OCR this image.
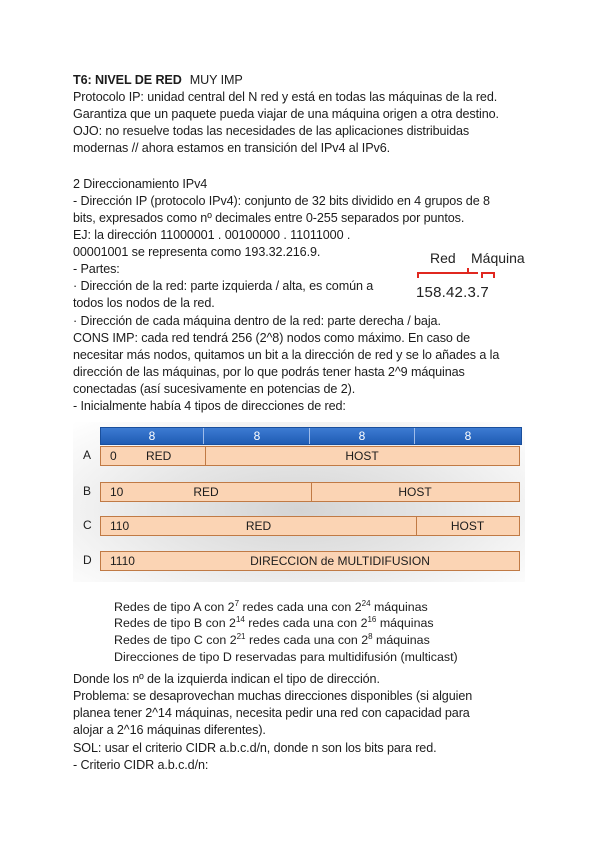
T6: NIVEL DE RED MUY IMP
Protocolo IP: unidad central del N red y está en todas las máquinas de la red.
Garantiza que un paquete pueda viajar de una máquina origen a otra destino.
OJO: no resuelve todas las necesidades de las aplicaciones distribuidas
modernas // ahora estamos en transición del IPv4 al IPv6.
2 Direccionamiento IPv4
- Dirección IP (protocolo IPv4): conjunto de 32 bits dividido en 4 grupos de 8
bits, expresados como nº decimales entre 0-255 separados por puntos.
EJ: la dirección 11000001 . 00100000 . 11011000 .
00001001 se representa como 193.32.216.9.
- Partes:
· Dirección de la red: parte izquierda / alta, es común a
todos los nodos de la red.
· Dirección de cada máquina dentro de la red: parte derecha / baja.
CONS IMP: cada red tendrá 256 (2^8) nodos como máximo. En caso de
necesitar más nodos, quitamos un bit a la dirección de red y se lo añades a la
dirección de las máquinas, por lo que podrás tener hasta 2^9 máquinas
conectadas (así sucesivamente en potencias de 2).
- Inicialmente había 4 tipos de direcciones de red:
Red Máquina
158.42.3.7
8	8	8	8
A 0 RED	HOST
B 10	RED	HOST
C 110	RED	HOST
D 1110	DIRECCION de MULTIDIFUSION
Redes de tipo A con $2^7$ redes cada una con $2^{24}$ máquinas
Redes de tipo B con $2^{14}$ redes cada una con $2^{16}$ máquinas
Redes de tipo C con $2^{21}$ redes cada una con $2^8$ máquinas
Direcciones de tipo D reservadas para multidifusión (multicast)
Donde los nº de la izquierda indican el tipo de dirección.
Problema: se desaprovechan muchas direcciones disponibles (si alguien
planea tener 2^14 máquinas, necesita pedir una red con capacidad para
alojar a 2^16 máquinas diferentes).
SOL: usar el criterio CIDR a.b.c.d/n, donde n son los bits para red.
- Criterio CIDR a.b.c.d/n:
